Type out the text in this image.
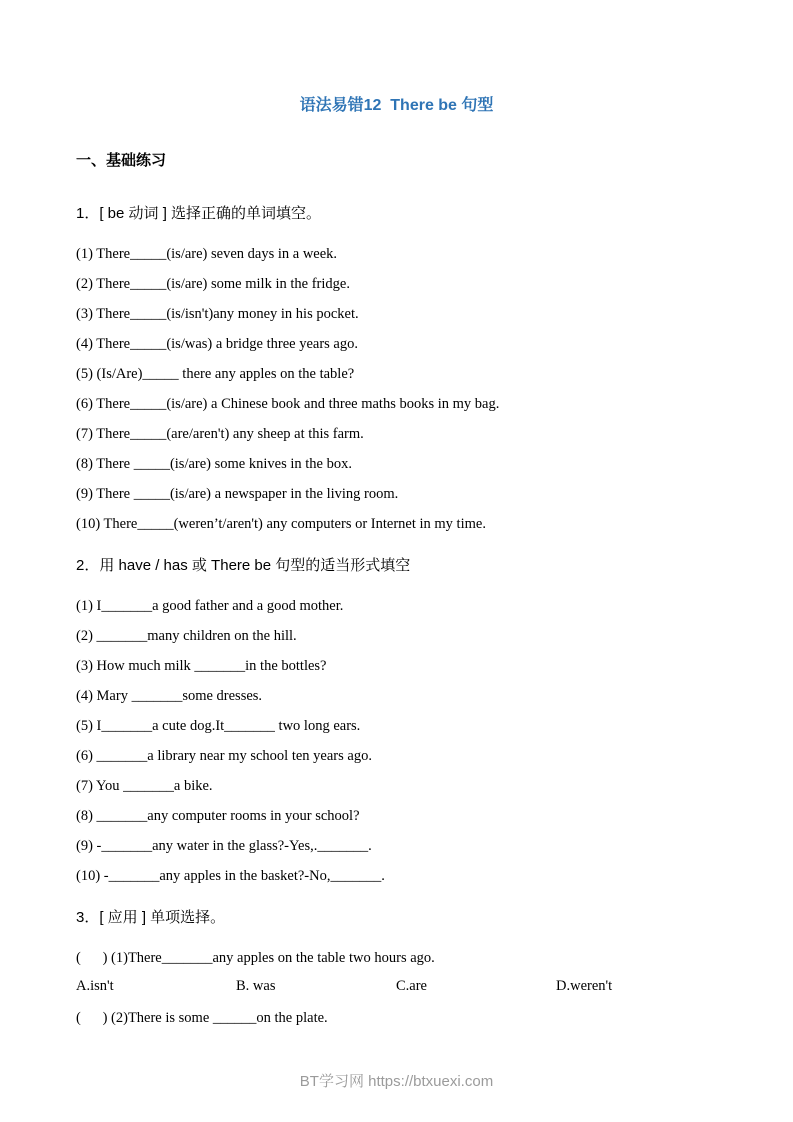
语法易错12  There be 句型
一、基础练习
1．[ be 动词 ] 选择正确的单词填空。
(1) There_____(is/are) seven days in a week.
(2) There_____(is/are) some milk in the fridge.
(3) There_____(is/isn't)any money in his pocket.
(4) There_____(is/was) a bridge three years ago.
(5) (Is/Are)_____ there any apples on the table?
(6) There_____(is/are) a Chinese book and three maths books in my bag.
(7) There_____(are/aren't) any sheep at this farm.
(8) There _____(is/are) some knives in the box.
(9) There _____(is/are) a newspaper in the living room.
(10) There_____(weren’t/aren't) any computers or Internet in my time.
2．用 have / has 或 There be 句型的适当形式填空
(1) I_______a good father and a good mother.
(2) _______many children on the hill.
(3) How much milk _______in the bottles?
(4) Mary _______some dresses.
(5) I_______a cute dog.It_______ two long ears.
(6) _______a library near my school ten years ago.
(7) You _______a bike.
(8) _______any computer rooms in your school?
(9) -_______any water in the glass?-Yes,._______.
(10) -_______any apples in the basket?-No,_______.
3．[ 应用 ] 单项选择。
(      ) (1)There_______any apples on the table two hours ago.
A.isn't	B. was	C.are	D.weren't
(      ) (2)There is some ______on the plate.
BT学习网 https://btxuexi.com
